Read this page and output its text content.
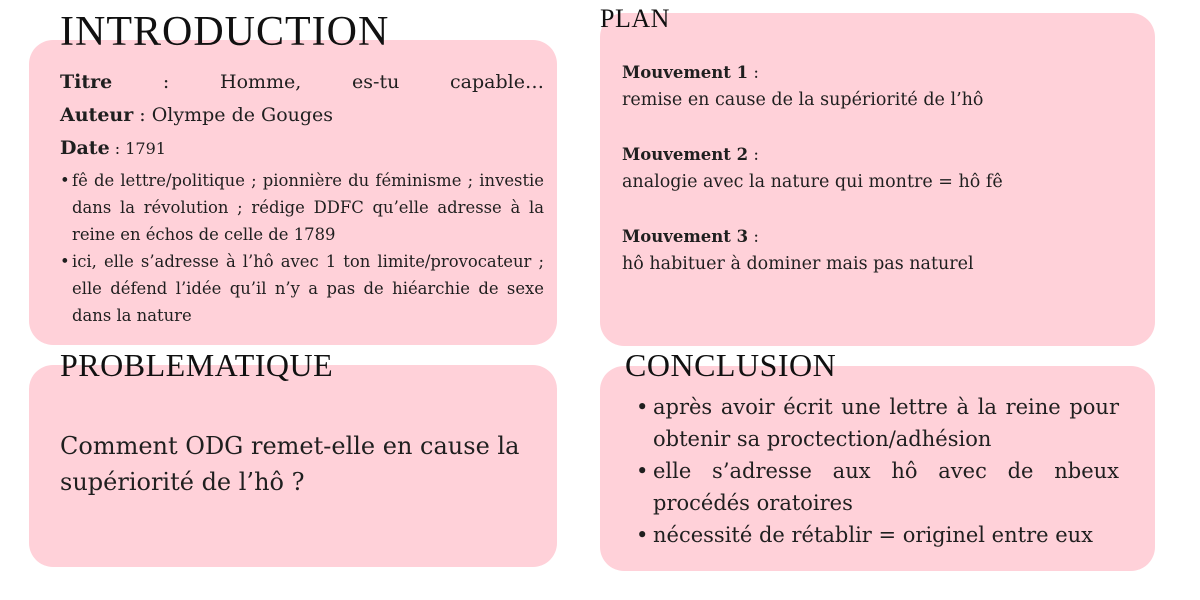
INTRODUCTION
Titre	:	Homme,	es-tu	capable…
Auteur : Olympe de Gouges
Date : 1791
• fê de lettre/politique ; pionnière du féminisme ; investie dans la révolution ; rédige DDFC qu’elle adresse à la reine en échos de celle de 1789
• ici, elle s’adresse à l’hô avec 1 ton limite/provocateur ; elle défend l’idée qu’il n’y a pas de hiéarchie de sexe dans la nature
PLAN
Mouvement 1 :
remise en cause de la supériorité de l’hô
Mouvement 2 :
analogie avec la nature qui montre = hô fê
Mouvement 3 :
hô habituer à dominer mais pas naturel
PROBLEMATIQUE
Comment ODG remet-elle en cause la supériorité de l’hô ?
CONCLUSION
• après avoir écrit une lettre à la reine pour obtenir sa proctection/adhésion
• elle s’adresse aux hô avec de nbeux procédés oratoires
• nécessité de rétablir = originel entre eux
